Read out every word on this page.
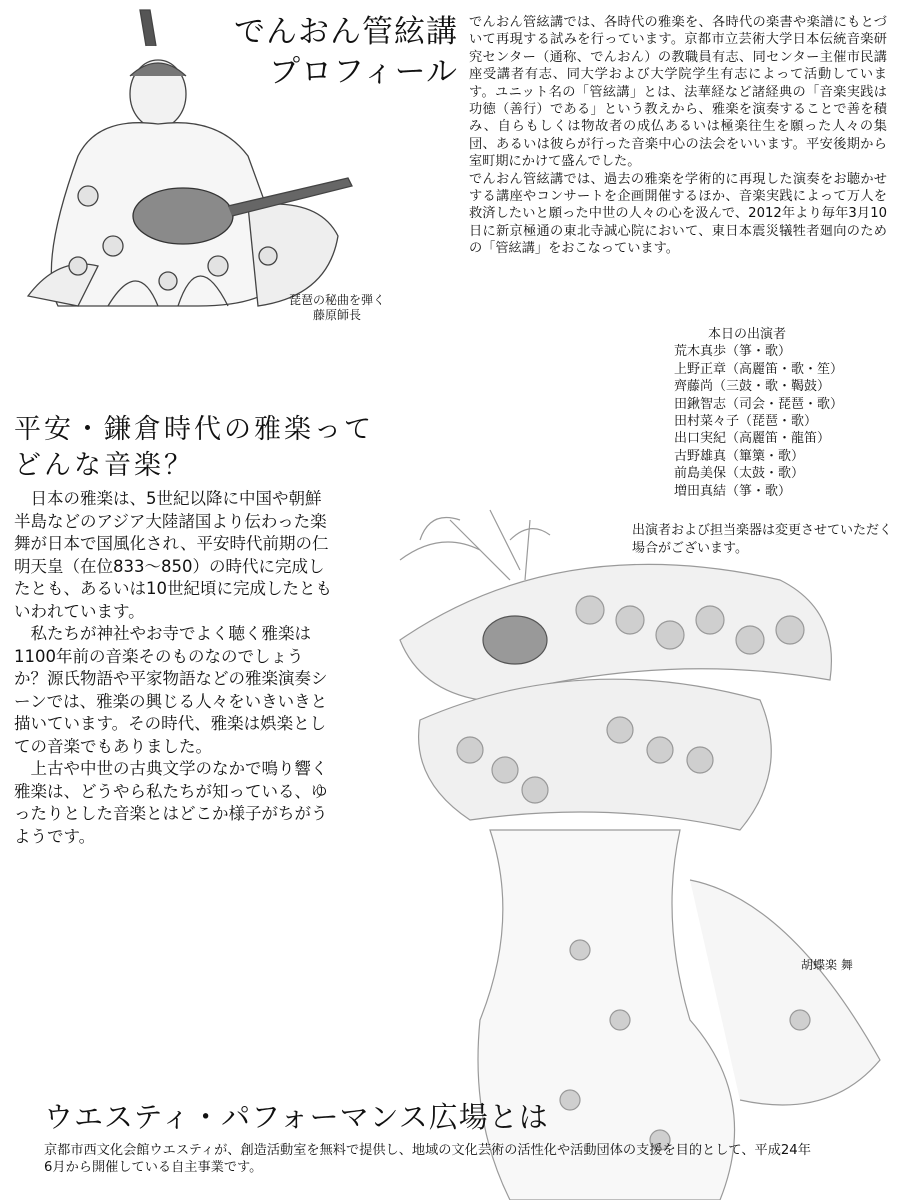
琵琶の秘曲を弾く
藤原師長
でんおん管絃講
プロフィール

でんおん管絃講では、各時代の雅楽を、各時代の楽書や楽譜にもとづいて再現する試みを行っています。京都市立芸術大学日本伝統音楽研究センター（通称、でんおん）の教職員有志、同センター主催市民講座受講者有志、同大学および大学院学生有志によって活動しています。ユニット名の「管絃講」とは、法華経など諸経典の「音楽実践は功徳（善行）である」という教えから、雅楽を演奏することで善を積み、自らもしくは物故者の成仏あるいは極楽往生を願った人々の集団、あるいは彼らが行った音楽中心の法会をいいます。平安後期から室町期にかけて盛んでした。

でんおん管絃講では、過去の雅楽を学術的に再現した演奏をお聴かせする講座やコンサートを企画開催するほか、音楽実践によって万人を救済したいと願った中世の人々の心を汲んで、2012年より毎年3月10日に新京極通の東北寺誠心院において、東日本震災犠牲者廻向のための「管絃講」をおこなっています。

本日の出演者
荒木真歩（箏・歌）
上野正章（高麗笛・歌・笙）
齊藤尚（三鼓・歌・鞨鼓）
田鍬智志（司会・琵琶・歌）
田村菜々子（琵琶・歌）
出口実紀（高麗笛・龍笛）
古野雄真（篳篥・歌）
前島美保（太鼓・歌）
増田真結（箏・歌）
出演者および担当楽器は変更させていただく場合がございます。
平安・鎌倉時代の雅楽って
どんな音楽？

日本の雅楽は、5世紀以降に中国や朝鮮半島などのアジア大陸諸国より伝わった楽舞が日本で国風化され、平安時代前期の仁明天皇（在位833～850）の時代に完成したとも、あるいは10世紀頃に完成したともいわれています。

私たちが神社やお寺でよく聴く雅楽は1100年前の音楽そのものなのでしょうか？源氏物語や平家物語などの雅楽演奏シーンでは、雅楽の興じる人々をいきいきと描いています。その時代、雅楽は娯楽としての音楽でもありました。

上古や中世の古典文学のなかで鳴り響く雅楽は、どうやら私たちが知っている、ゆったりとした音楽とはどこか様子がちがうようです。

胡蝶楽 舞
ウエスティ・パフォーマンス広場とは
京都市西文化会館ウエスティが、創造活動室を無料で提供し、地域の文化芸術の活性化や活動団体の支援を目的として、平成24年6月から開催している自主事業です。
